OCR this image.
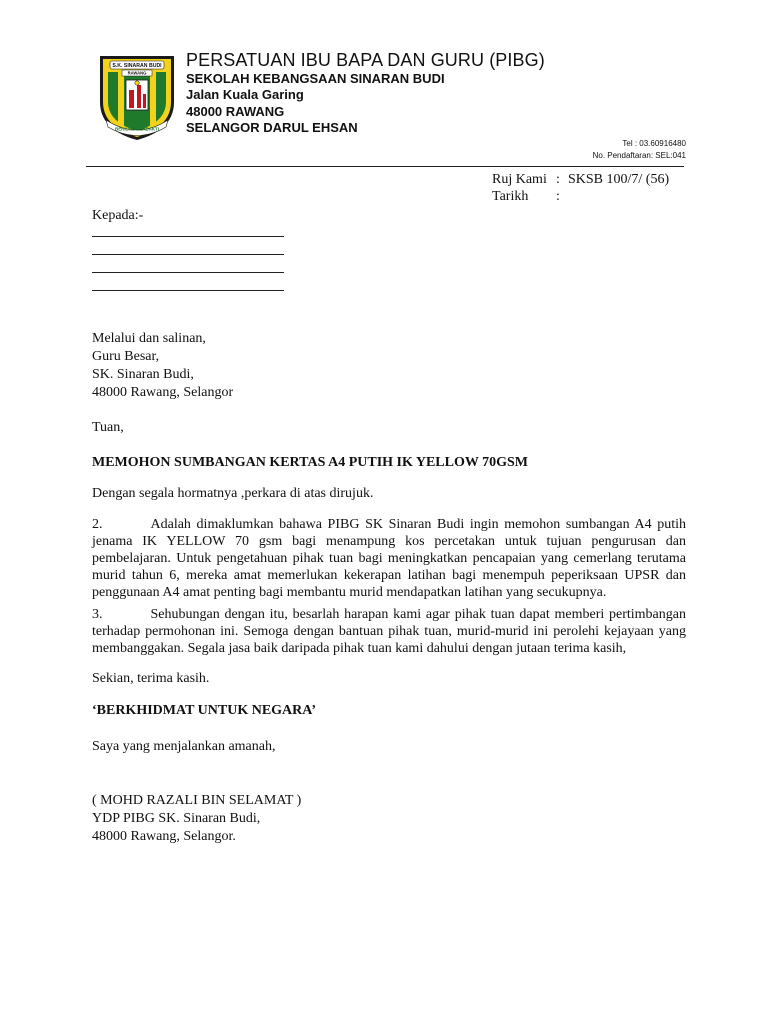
S.K. SINARAN BUDI
RAWANG
BERILMU BERBAKTI
PERSATUAN IBU BAPA DAN GURU (PIBG)
SEKOLAH KEBANGSAAN SINARAN BUDI
Jalan Kuala Garing
48000 RAWANG
SELANGOR DARUL EHSAN
Tel : 03.60916480
No. Pendaftaran: SEL:041
Ruj Kami : SKSB 100/7/ (56)
Tarikh :
Kepada:-
Melalui dan salinan,
Guru Besar,
SK. Sinaran Budi,
48000 Rawang, Selangor
Tuan,
MEMOHON SUMBANGAN KERTAS A4 PUTIH IK YELLOW 70GSM
Dengan segala hormatnya ,perkara di atas dirujuk.
2.	Adalah dimaklumkan bahawa PIBG SK Sinaran Budi ingin memohon sumbangan A4 putih
jenama IK YELLOW 70 gsm bagi menampung kos percetakan untuk tujuan pengurusan dan
pembelajaran. Untuk pengetahuan pihak tuan bagi meningkatkan pencapaian yang cemerlang terutama
murid tahun 6, mereka amat memerlukan kekerapan latihan bagi menempuh peperiksaan UPSR dan
penggunaan A4 amat penting bagi membantu murid mendapatkan latihan yang secukupnya.
3.	Sehubungan dengan itu, besarlah harapan kami agar pihak tuan dapat memberi pertimbangan
terhadap permohonan ini. Semoga dengan bantuan pihak tuan, murid-murid ini perolehi kejayaan yang
membanggakan. Segala jasa baik daripada pihak tuan kami dahului dengan jutaan terima kasih,
Sekian, terima kasih.
‘BERKHIDMAT UNTUK NEGARA’
Saya yang menjalankan amanah,
( MOHD RAZALI BIN SELAMAT )
YDP PIBG SK. Sinaran Budi,
48000 Rawang, Selangor.
